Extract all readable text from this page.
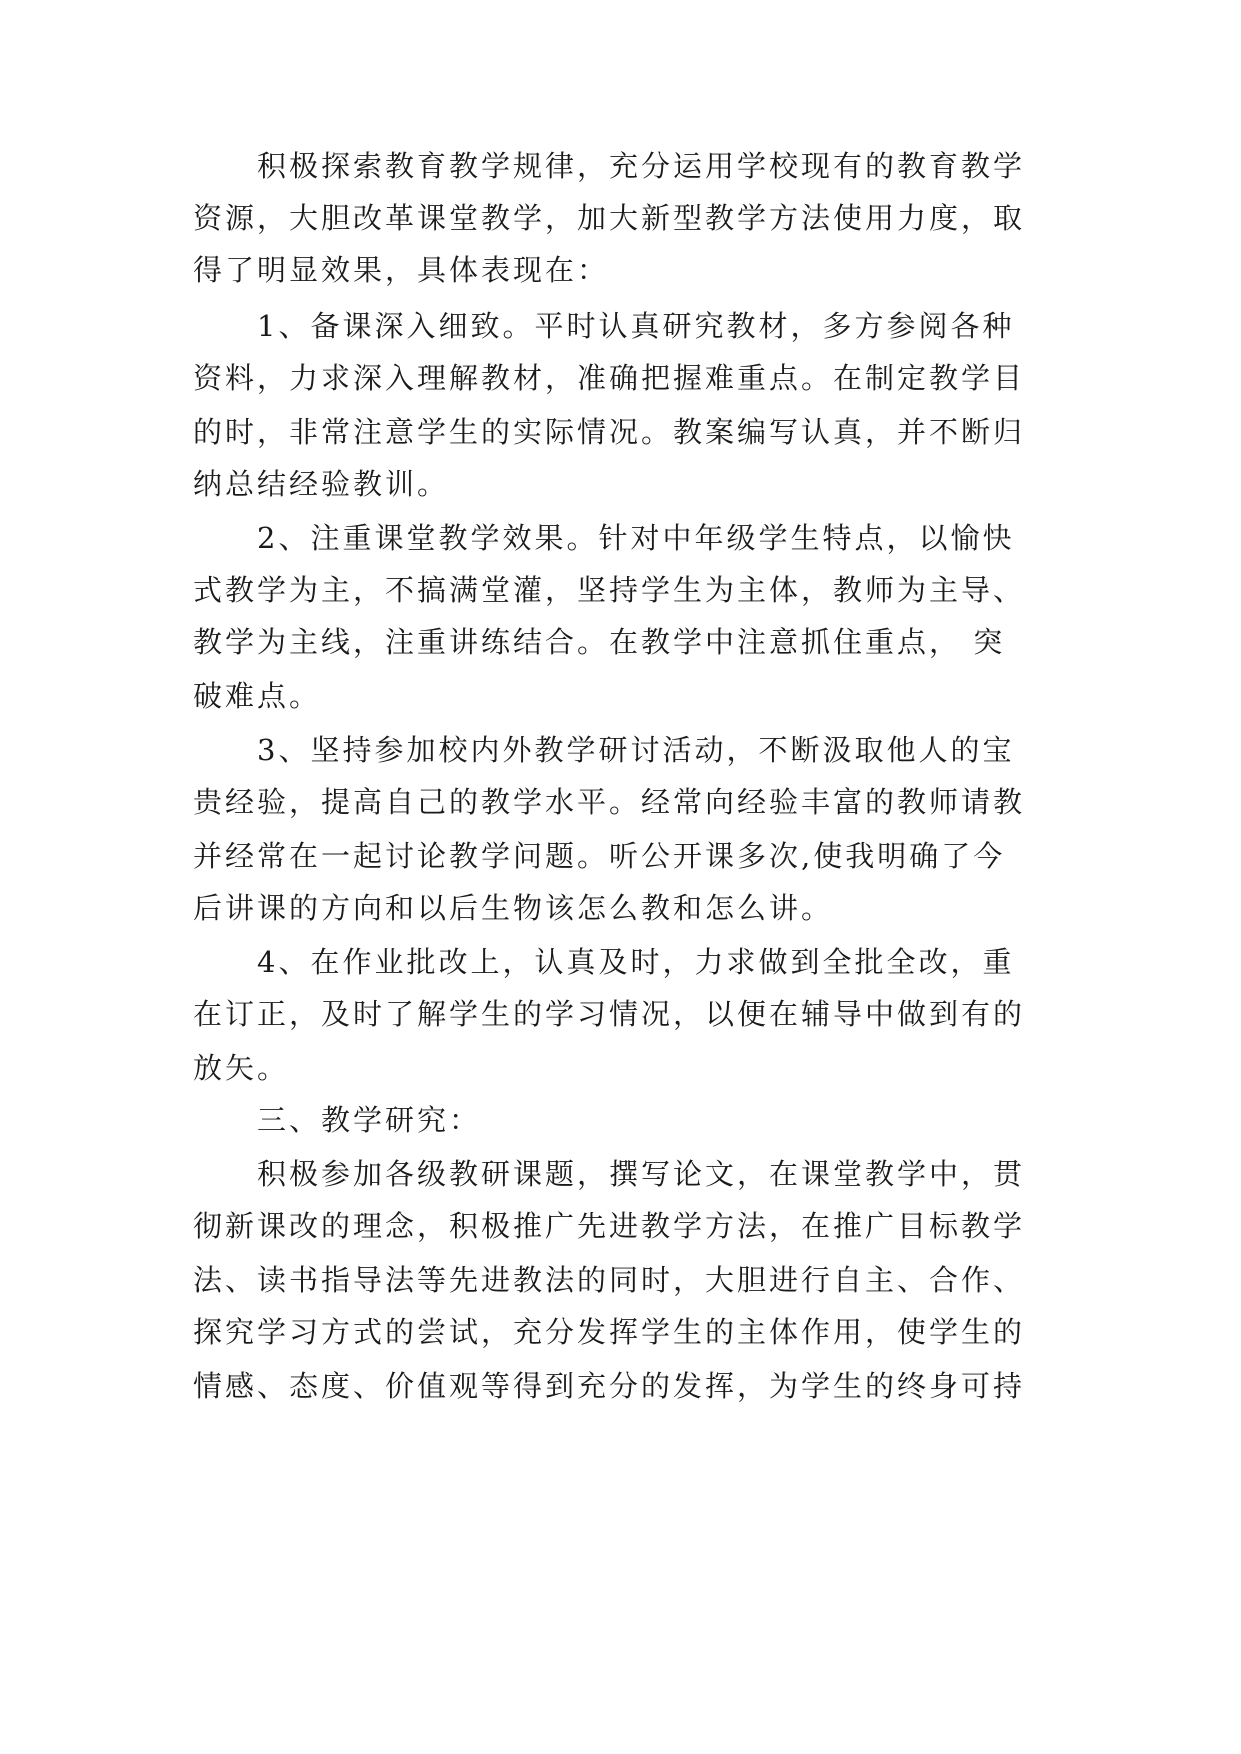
积极探索教育教学规律，充分运用学校现有的教育教学
资源，大胆改革课堂教学，加大新型教学方法使用力度，取
得了明显效果，具体表现在：
1、备课深入细致。平时认真研究教材，多方参阅各种
资料，力求深入理解教材，准确把握难重点。在制定教学目
的时，非常注意学生的实际情况。教案编写认真，并不断归
纳总结经验教训。
2、注重课堂教学效果。针对中年级学生特点，以愉快
式教学为主，不搞满堂灌，坚持学生为主体，教师为主导、
教学为主线，注重讲练结合。在教学中注意抓住重点， 突
破难点。
3、坚持参加校内外教学研讨活动，不断汲取他人的宝
贵经验，提高自己的教学水平。经常向经验丰富的教师请教
并经常在一起讨论教学问题。听公开课多次,使我明确了今
后讲课的方向和以后生物该怎么教和怎么讲。
4、在作业批改上，认真及时，力求做到全批全改，重
在订正，及时了解学生的学习情况，以便在辅导中做到有的
放矢。
三、教学研究：
积极参加各级教研课题，撰写论文，在课堂教学中，贯
彻新课改的理念，积极推广先进教学方法，在推广目标教学
法、读书指导法等先进教法的同时，大胆进行自主、合作、
探究学习方式的尝试，充分发挥学生的主体作用，使学生的
情感、态度、价值观等得到充分的发挥，为学生的终身可持
